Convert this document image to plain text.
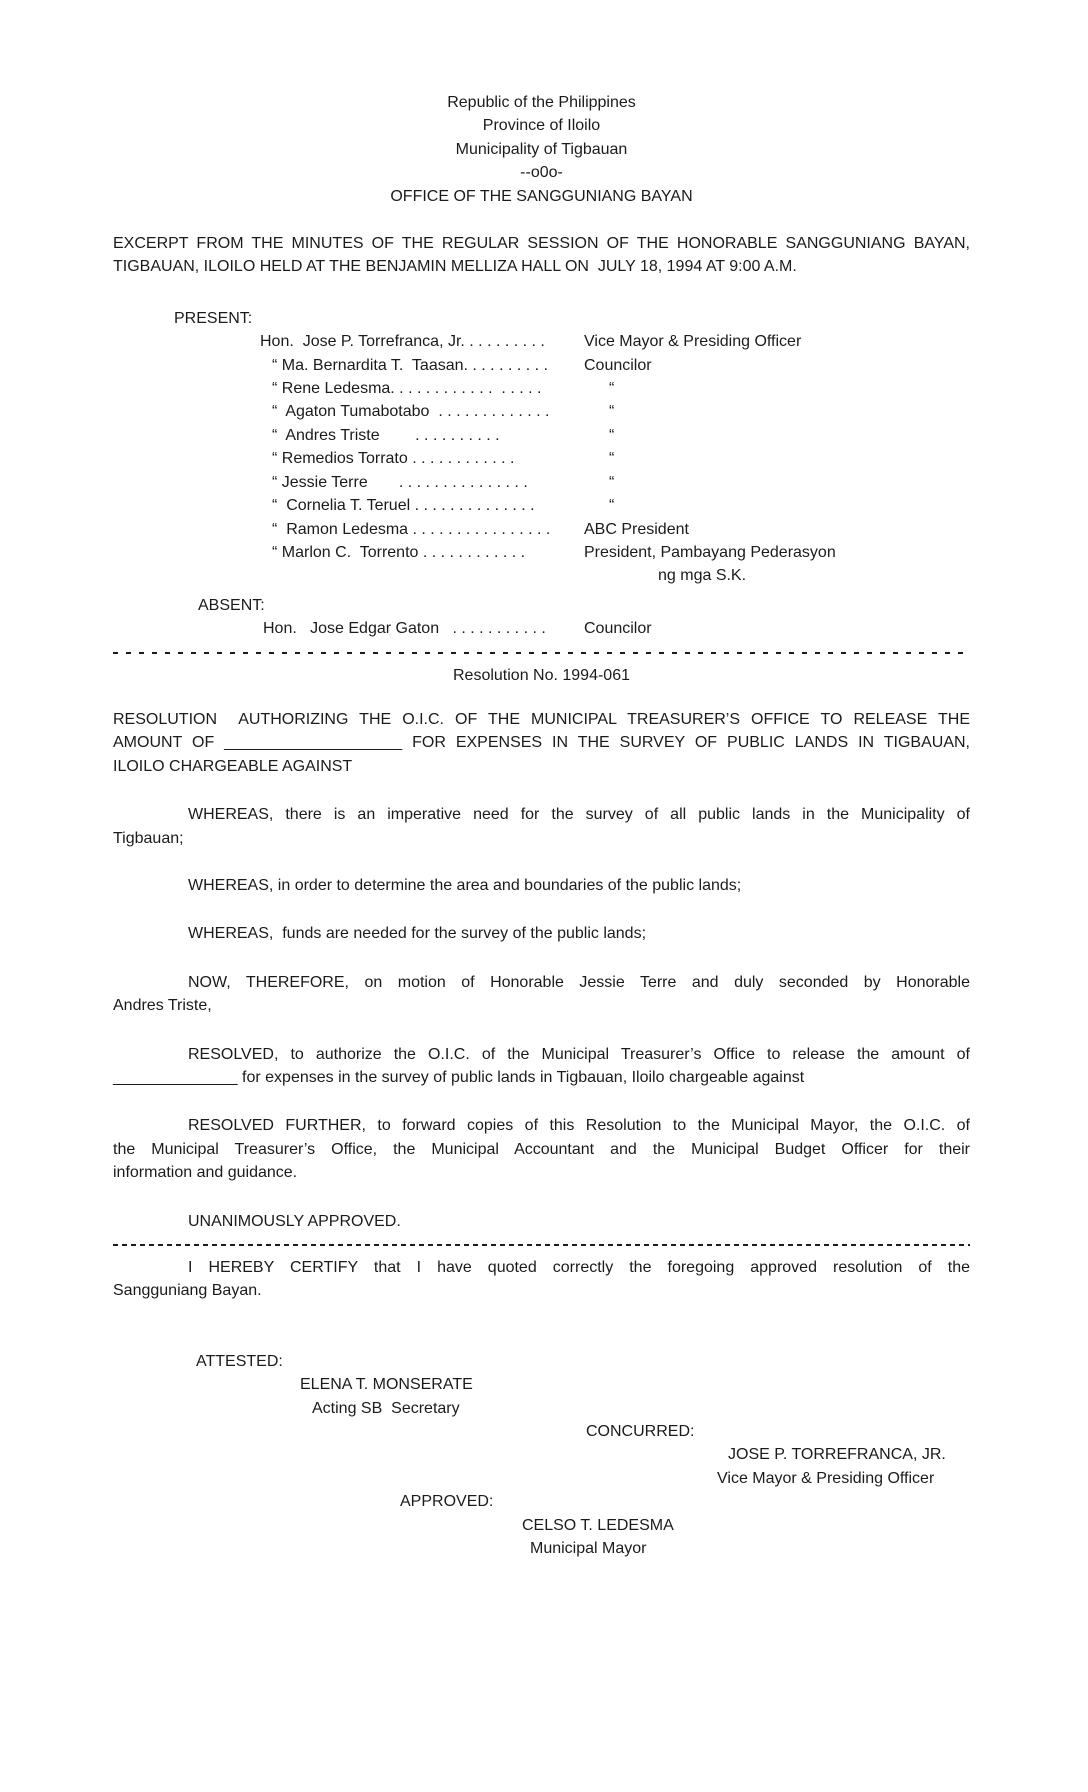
Republic of the Philippines
Province of Iloilo
Municipality of Tigbauan
--o0o-
OFFICE OF THE SANGGUNIANG BAYAN
EXCERPT FROM THE MINUTES OF THE REGULAR SESSION OF THE HONORABLE SANGGUNIANG BAYAN,
TIGBAUAN, ILOILO HELD AT THE BENJAMIN MELLIZA HALL ON  JULY 18, 1994 AT 9:00 A.M.
PRESENT:
Hon.  Jose P. Torrefranca, Jr. . . . . . . . . .	Vice Mayor & Presiding Officer
“ Ma. Bernardita T.  Taasan. . . . . . . . . .	Councilor
“ Rene Ledesma. . . . . . . . . . . .  . . . . .	“
“  Agaton Tumabotabo  . . . . . . . . . . . . .	“
“  Andres Triste        . . . . . . . . . .	“
“ Remedios Torrato . . . . . . . . . . . .	“
“ Jessie Terre       . . . . . . . . . . . . . . .	“
“  Cornelia T. Teruel . . . . . . . . . . . . . .	“
“  Ramon Ledesma . . . . . . . . . . . . . . . .	ABC President
“ Marlon C.  Torrento . . . . . . . . . . . .	President, Pambayang Pederasyon
ng mga S.K.
ABSENT:
Hon.   Jose Edgar Gaton   . . . . . . . . . . .	Councilor
Resolution No. 1994-061
RESOLUTION  AUTHORIZING THE O.I.C. OF THE MUNICIPAL TREASURER’S OFFICE TO RELEASE THE
AMOUNT OF ____________________ FOR EXPENSES IN THE SURVEY OF PUBLIC LANDS IN TIGBAUAN,
ILOILO CHARGEABLE AGAINST
WHEREAS, there is an imperative need for the survey of all public lands in the Municipality of
Tigbauan;
WHEREAS, in order to determine the area and boundaries of the public lands;
WHEREAS,  funds are needed for the survey of the public lands;
NOW, THEREFORE, on motion of Honorable Jessie Terre and duly seconded by Honorable
Andres Triste,
RESOLVED, to authorize the O.I.C. of the Municipal Treasurer’s Office to release the amount of
______________ for expenses in the survey of public lands in Tigbauan, Iloilo chargeable against
RESOLVED FURTHER, to forward copies of this Resolution to the Municipal Mayor, the O.I.C. of
the Municipal Treasurer’s Office, the Municipal Accountant and the Municipal Budget Officer for their
information and guidance.
UNANIMOUSLY APPROVED.
I HEREBY CERTIFY that I have quoted correctly the foregoing approved resolution of the
Sangguniang Bayan.
ATTESTED:
ELENA T. MONSERATE
Acting SB  Secretary
CONCURRED:
JOSE P. TORREFRANCA, JR.
Vice Mayor & Presiding Officer
APPROVED:
CELSO T. LEDESMA
Municipal Mayor
